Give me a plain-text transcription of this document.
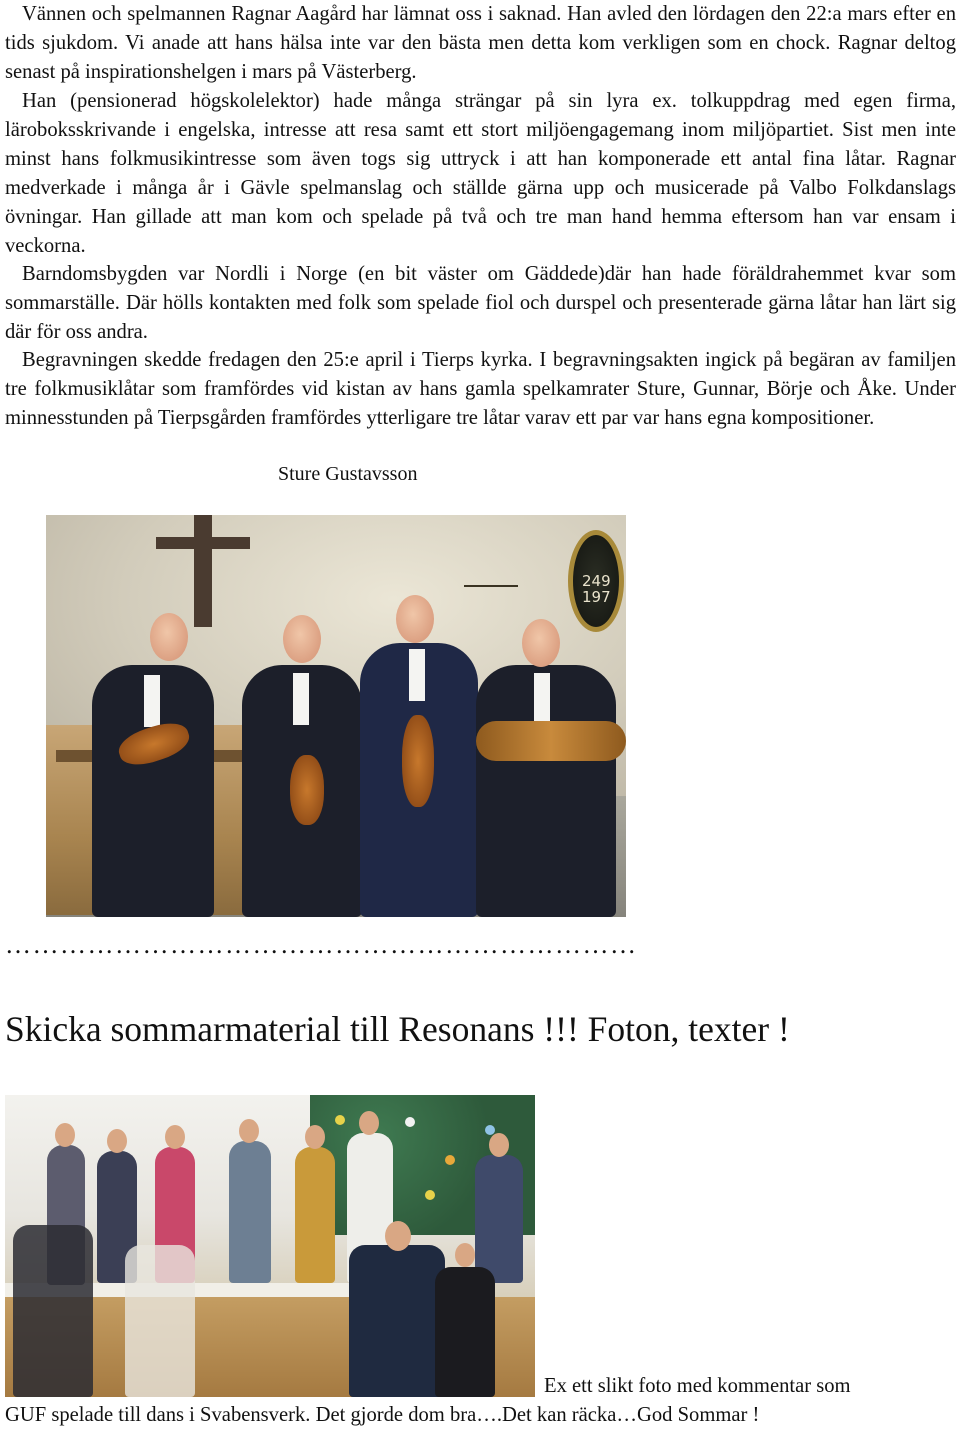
Vännen och spelmannen Ragnar Aagård har lämnat oss i saknad. Han avled den lördagen den 22:a mars efter en tids sjukdom. Vi anade att hans hälsa inte var den bästa men detta kom verkligen som en chock. Ragnar deltog senast på inspirationshelgen i mars på Västerberg.

Han (pensionerad högskolelektor) hade många strängar på sin lyra ex. tolkuppdrag med egen firma, läroboksskrivande i engelska, intresse att resa samt ett stort miljöengagemang inom miljöpartiet. Sist men inte minst hans folkmusikintresse som även togs sig uttryck i att han komponerade ett antal fina låtar. Ragnar medverkade i många år i Gävle spelmanslag och ställde gärna upp och musicerade på Valbo Folkdanslags övningar. Han gillade att man kom och spelade på två och tre man hand hemma eftersom han var ensam i veckorna.

Barndomsbygden var Nordli i Norge (en bit väster om Gäddede)där han hade föräldrahemmet kvar som sommarställe. Där hölls kontakten med folk som spelade fiol och durspel och presenterade gärna låtar han lärt sig där för oss andra.

Begravningen skedde fredagen den 25:e april i Tierps kyrka. I begravningsakten ingick på begäran av familjen tre folkmusiklåtar som framfördes vid kistan av hans gamla spelkamrater Sture, Gunnar, Börje och Åke. Under minnesstunden på Tierpsgården framfördes ytterligare tre låtar varav ett par var hans egna kompositioner.

Sture Gustavsson
249
197
……………………………………………………………
Skicka sommarmaterial till Resonans !!! Foton, texter !
Ex ett slikt foto med kommentar som
GUF spelade till dans i Svabensverk. Det gjorde dom bra….Det kan räcka…God Sommar !
